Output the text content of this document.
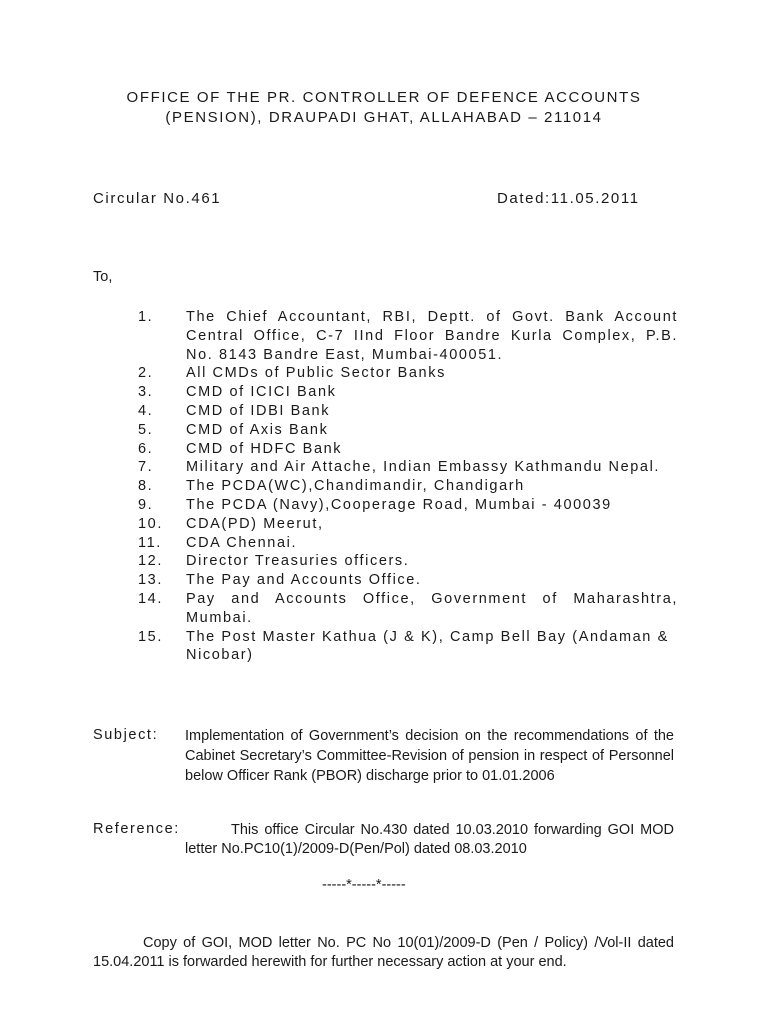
OFFICE OF THE PR. CONTROLLER OF DEFENCE ACCOUNTS
(PENSION), DRAUPADI GHAT, ALLAHABAD – 211014
Circular No.461	Dated:11.05.2011
To,
1.	The Chief Accountant, RBI, Deptt. of Govt. Bank Account Central Office, C-7 IInd Floor Bandre Kurla Complex, P.B. No. 8143 Bandre East, Mumbai-400051.
2.	All CMDs of Public Sector Banks
3.	CMD of ICICI Bank
4.	CMD of IDBI Bank
5.	CMD of Axis Bank
6.	CMD of HDFC Bank
7.	Military and Air Attache, Indian Embassy Kathmandu Nepal.
8.	The PCDA(WC),Chandimandir, Chandigarh
9.	The PCDA (Navy),Cooperage Road, Mumbai - 400039
10.	CDA(PD) Meerut,
11.	CDA Chennai.
12.	Director Treasuries officers.
13.	The Pay and Accounts Office.
14.	Pay and Accounts Office, Government of Maharashtra, Mumbai.
15.	The Post Master Kathua (J & K), Camp Bell Bay (Andaman & Nicobar)
Subject: Implementation of Government’s decision on the recommendations of the Cabinet Secretary’s Committee-Revision of pension in respect of Personnel below Officer Rank (PBOR) discharge prior to 01.01.2006
Reference:	This office Circular No.430 dated 10.03.2010 forwarding GOI MOD letter No.PC10(1)/2009-D(Pen/Pol) dated 08.03.2010
-----*-----*-----
Copy of GOI, MOD letter No. PC No 10(01)/2009-D (Pen / Policy) /Vol-II dated 15.04.2011 is forwarded herewith for further necessary action at your end.
